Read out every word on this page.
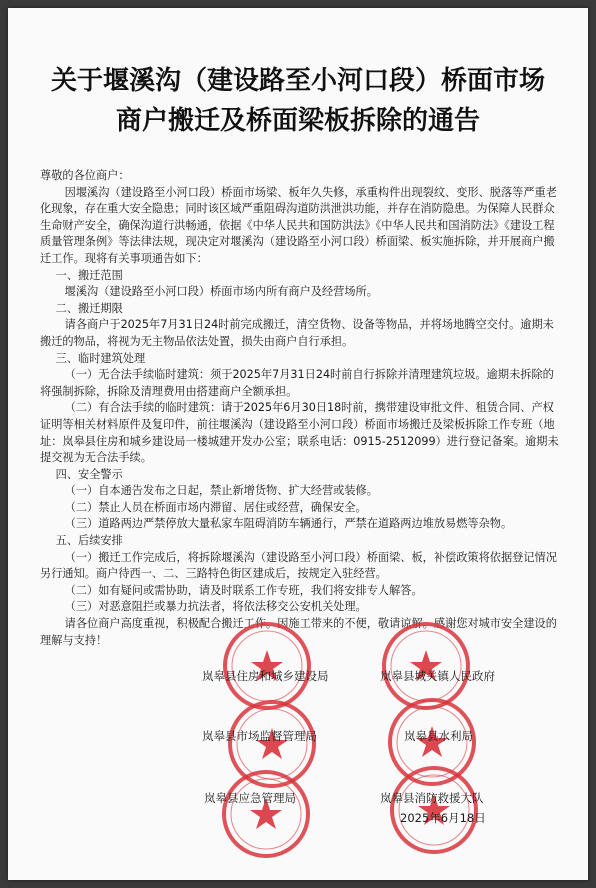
关于堰溪沟（建设路至小河口段）桥面市场
商户搬迁及桥面梁板拆除的通告

尊敬的各位商户：

因堰溪沟（建设路至小河口段）桥面市场梁、板年久失修，承重构件出现裂纹、变形、脱落等严重老化现象，存在重大安全隐患；同时该区域严重阻碍沟道防洪泄洪功能，并存在消防隐患。为保障人民群众生命财产安全，确保沟道行洪畅通，依据《中华人民共和国防洪法》《中华人民共和国消防法》《建设工程质量管理条例》等法律法规，现决定对堰溪沟（建设路至小河口段）桥面梁、板实施拆除，并开展商户搬迁工作。现将有关事项通告如下：

一、搬迁范围

堰溪沟（建设路至小河口段）桥面市场内所有商户及经营场所。

二、搬迁期限

请各商户于2025年7月31日24时前完成搬迁，清空货物、设备等物品，并将场地腾空交付。逾期未搬迁的物品，将视为无主物品依法处置，损失由商户自行承担。

三、临时建筑处理

（一）无合法手续临时建筑：须于2025年7月31日24时前自行拆除并清理建筑垃圾。逾期未拆除的将强制拆除，拆除及清理费用由搭建商户全额承担。

（二）有合法手续的临时建筑：请于2025年6月30日18时前，携带建设审批文件、租赁合同、产权证明等相关材料原件及复印件，前往堰溪沟（建设路至小河口段）桥面市场搬迁及梁板拆除工作专班（地址：岚皋县住房和城乡建设局一楼城建开发办公室；联系电话：0915-2512099）进行登记备案。逾期未提交视为无合法手续。

四、安全警示

（一）自本通告发布之日起，禁止新增货物、扩大经营或装修。

（二）禁止人员在桥面市场内滞留、居住或经营，确保安全。

（三）道路两边严禁停放大量私家车阻碍消防车辆通行，严禁在道路两边堆放易燃等杂物。

五、后续安排

（一）搬迁工作完成后，将拆除堰溪沟（建设路至小河口段）桥面梁、板，补偿政策将依据登记情况另行通知。商户待西一、二、三路特色街区建成后，按规定入驻经营。

（二）如有疑问或需协助，请及时联系工作专班，我们将安排专人解答。

（三）对恶意阻拦或暴力抗法者，将依法移交公安机关处理。

请各位商户高度重视，积极配合搬迁工作。因施工带来的不便，敬请谅解。感谢您对城市安全建设的理解与支持！

岚皋县住房和城乡建设局	岚皋县城关镇人民政府
岚皋县市场监督管理局	岚皋县水利局
岚皋县应急管理局	岚皋县消防救援大队
2025年6月18日
